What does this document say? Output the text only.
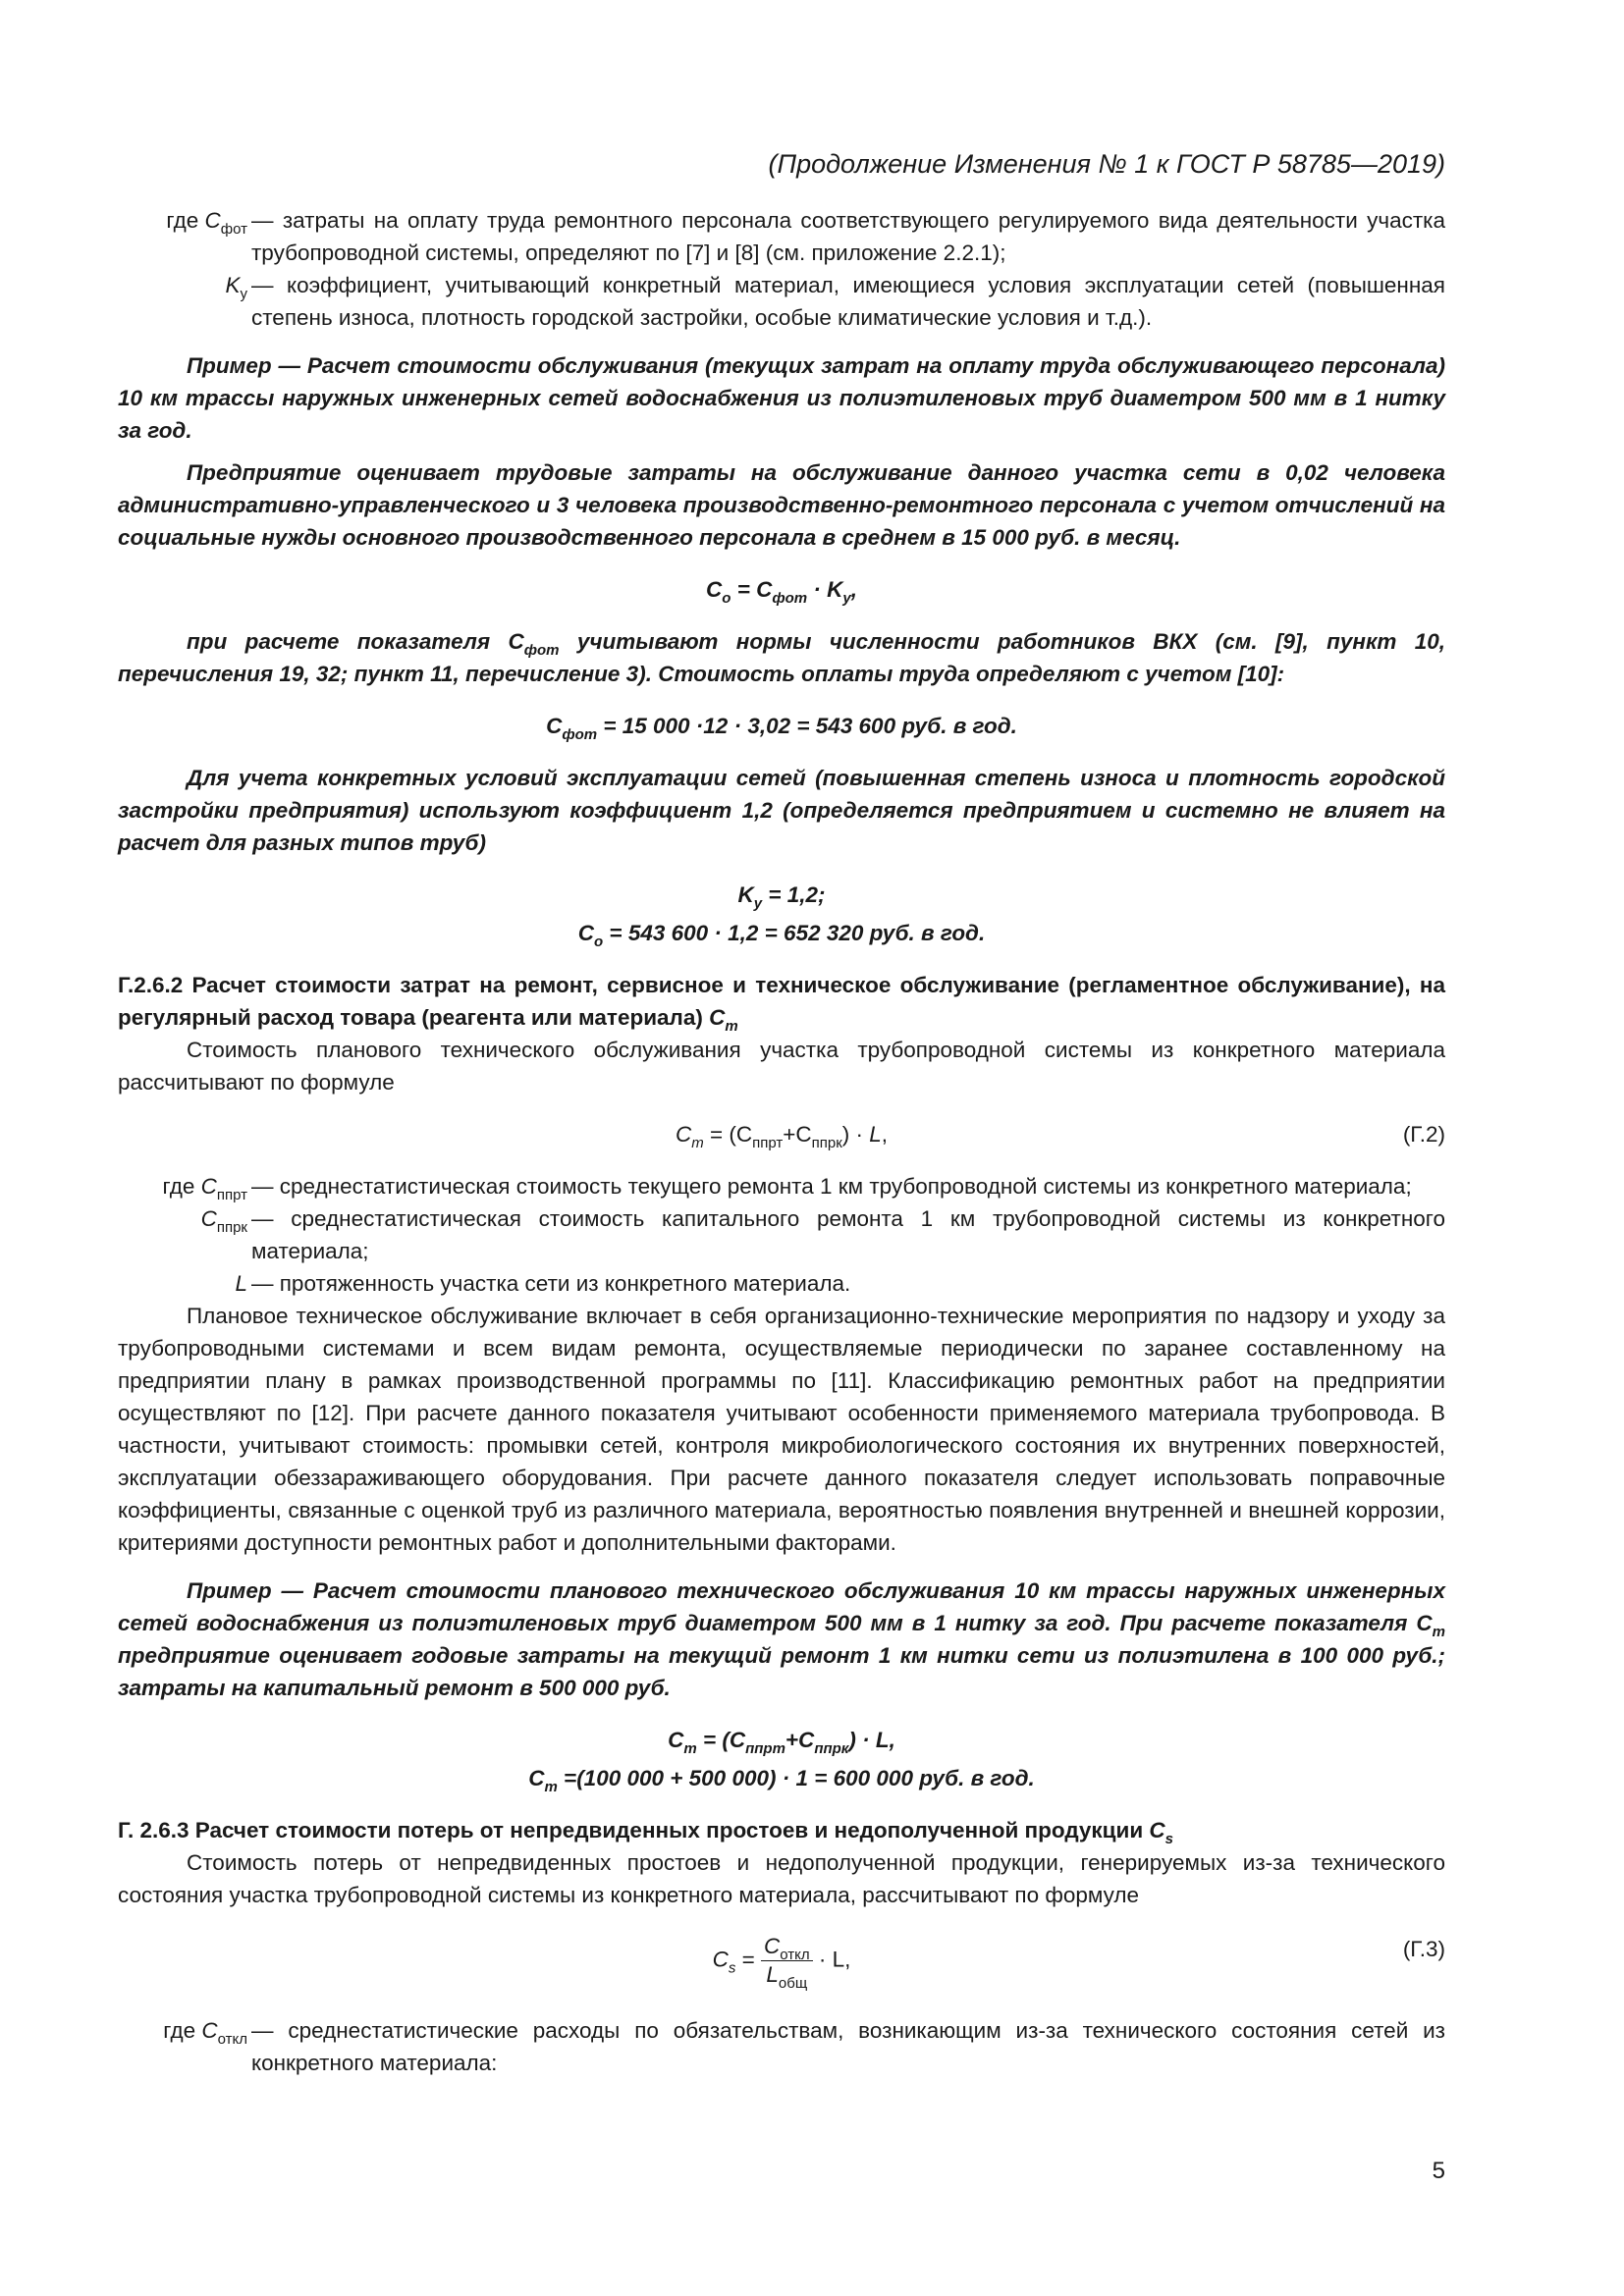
(Продолжение Изменения № 1 к ГОСТ Р 58785—2019)

где $C_{фот}$ — затраты на оплату труда ремонтного персонала соответствующего регулируемого вида деятельности участка трубопроводной системы, определяют по [7] и [8] (см. приложение 2.2.1);
$K_у$ — коэффициент, учитывающий конкретный материал, имеющиеся условия эксплуатации сетей (повышенная степень износа, плотность городской застройки, особые климатические условия и т.д.).

Пример — Расчет стоимости обслуживания (текущих затрат на оплату труда обслуживающего персонала) 10 км трассы наружных инженерных сетей водоснабжения из полиэтиленовых труб диаметром 500 мм в 1 нитку за год.

Предприятие оценивает трудовые затраты на обслуживание данного участка сети в 0,02 человека административно-управленческого и 3 человека производственно-ремонтного персонала с учетом отчислений на социальные нужды основного производственного персонала в среднем в 15 000 руб. в месяц.

$C_o = C_{фот} \cdot K_у$,

при расчете показателя $C_{фот}$ учитывают нормы численности работников ВКХ (см. [9], пункт 10, перечисления 19, 32; пункт 11, перечисление 3). Стоимость оплаты труда определяют с учетом [10]:

$C_{фот} = 15$ 000 ·12 · 3,02 = 543 600 руб. в год.

Для учета конкретных условий эксплуатации сетей (повышенная степень износа и плотность городской застройки предприятия) используют коэффициент 1,2 (определяется предприятием и системно не влияет на расчет для разных типов труб)

$K_у = 1,2$;

$C_o = 543$ 600 · 1,2 = 652 320 руб. в год.

Г.2.6.2 Расчет стоимости затрат на ремонт, сервисное и техническое обслуживание (регламентное обслуживание), на регулярный расход товара (реагента или материала) $C_m$

Стоимость планового технического обслуживания участка трубопроводной системы из конкретного материала рассчитывают по формуле

$C_m = (C_{ппрт}+C_{ппрк}) \cdot L$,	(Г.2)
где $C_{ппрт}$ — среднестатистическая стоимость текущего ремонта 1 км трубопроводной системы из конкретного материала;
$C_{ппрк}$ — среднестатистическая стоимость капитального ремонта 1 км трубопроводной системы из конкретного материала;
L — протяженность участка сети из конкретного материала.

Плановое техническое обслуживание включает в себя организационно-технические мероприятия по надзору и уходу за трубопроводными системами и всем видам ремонта, осуществляемые периодически по заранее составленному на предприятии плану в рамках производственной программы по [11]. Классификацию ремонтных работ на предприятии осуществляют по [12]. При расчете данного показателя учитывают особенности применяемого материала трубопровода. В частности, учитывают стоимость: промывки сетей, контроля микробиологического состояния их внутренних поверхностей, эксплуатации обеззараживающего оборудования. При расчете данного показателя следует использовать поправочные коэффициенты, связанные с оценкой труб из различного материала, вероятностью появления внутренней и внешней коррозии, критериями доступности ремонтных работ и дополнительными факторами.

Пример — Расчет стоимости планового технического обслуживания 10 км трассы наружных инженерных сетей водоснабжения из полиэтиленовых труб диаметром 500 мм в 1 нитку за год. При расчете показателя $C_m$ предприятие оценивает годовые затраты на текущий ремонт 1 км нитки сети из полиэтилена в 100 000 руб.; затраты на капитальный ремонт в 500 000 руб.

$C_m = (C_{ппрт}+C_{ппрк}) \cdot L$,

$C_m =(100$ 000 + 500 000) · 1 = 600 000 руб. в год.

Г. 2.6.3 Расчет стоимости потерь от непредвиденных простоев и недополученной продукции $C_s$

Стоимость потерь от непредвиденных простоев и недополученной продукции, генерируемых из-за технического состояния участка трубопроводной системы из конкретного материала, рассчитывают по формуле

$C_s = \frac{C_{откл}}{L_{общ}} \cdot L$,	(Г.3)
где $C_{откл}$ — среднестатистические расходы по обязательствам, возникающим из-за технического состояния сетей из конкретного материала:
5
